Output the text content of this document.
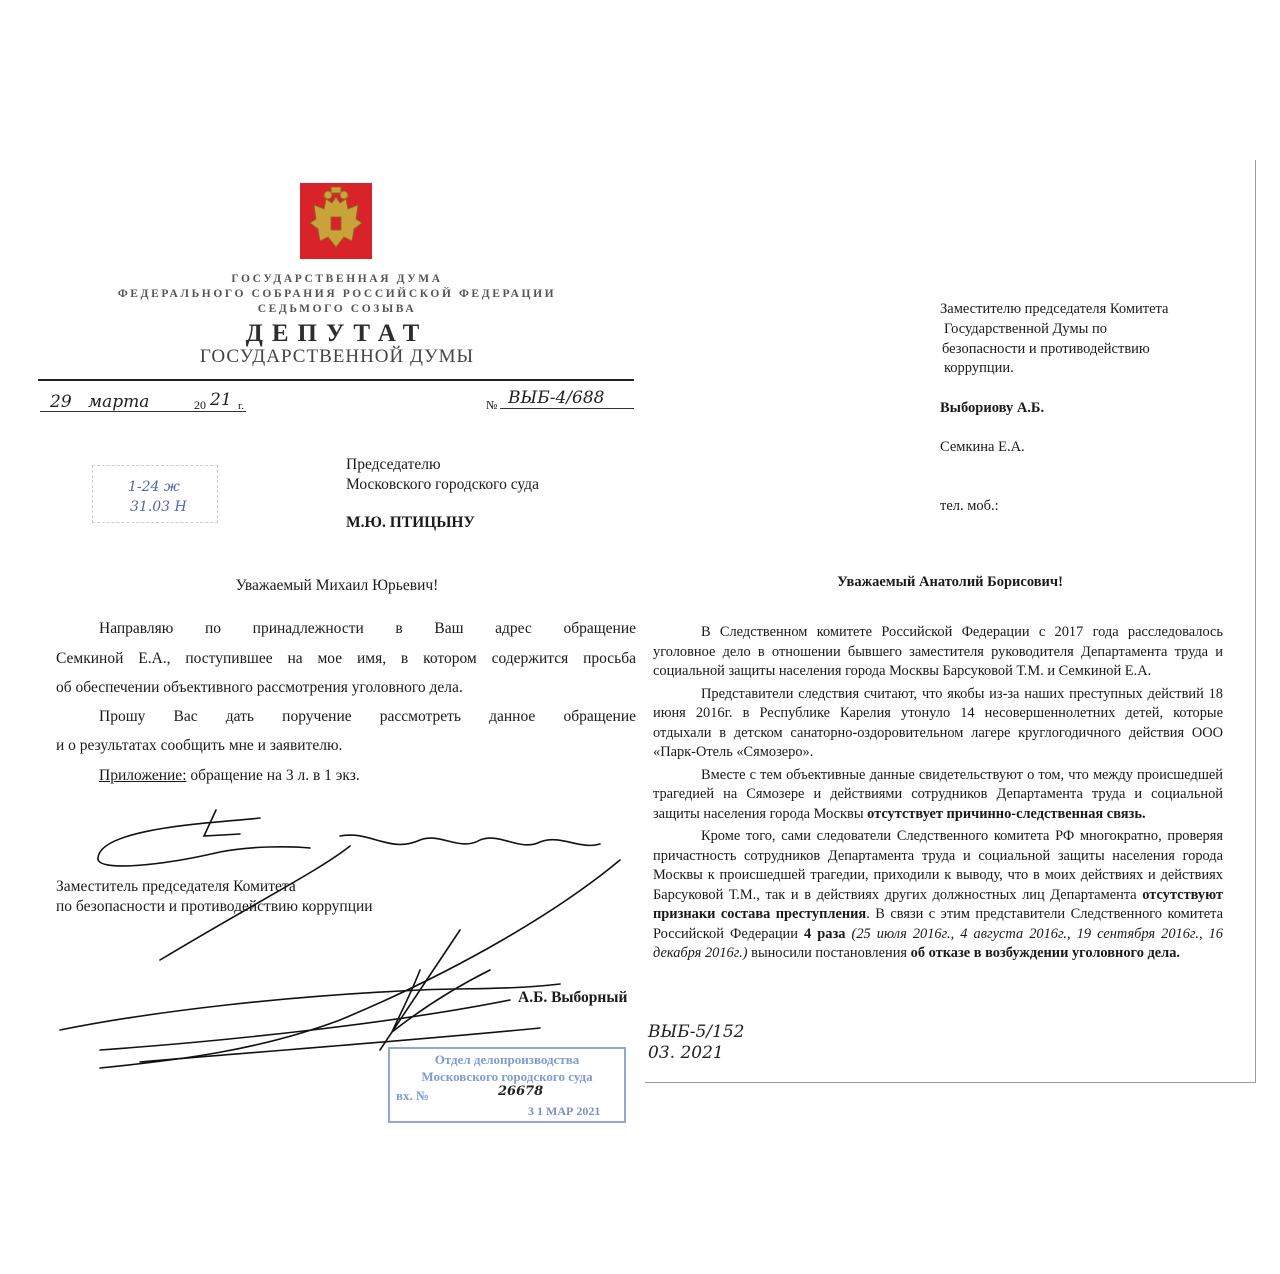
Заместителю председателя Комитета
Государственной Думы по
безопасности и противодействию
коррупции.
Выбориову А.Б.
Семкина Е.А.
тел. моб.:
Уважаемый Анатолий Борисович!

В Следственном комитете Российской Федерации с 2017 года расследовалось уголовное дело в отношении бывшего заместителя руководителя Департамента труда и социальной защиты населения города Москвы Барсуковой Т.М. и Семкиной Е.А.

Представители следствия считают, что якобы из-за наших преступных действий 18 июня 2016г. в Республике Карелия утонуло 14 несовершеннолетних детей, которые отдыхали в детском санаторно-оздоровительном лагере круглогодичного действия ООО «Парк-Отель «Сямозеро».

Вместе с тем объективные данные свидетельствуют о том, что между происшедшей трагедией на Сямозере и действиями сотрудников Департамента труда и социальной защиты населения города Москвы отсутствует причинно-следственная связь.

Кроме того, сами следователи Следственного комитета РФ многократно, проверяя причастность сотрудников Департамента труда и социальной защиты населения города Москвы к происшедшей трагедии, приходили к выводу, что в моих действиях и действиях Барсуковой Т.М., так и в действиях других должностных лиц Департамента отсутствуют признаки состава преступления. В связи с этим представители Следственного комитета Российской Федерации 4 раза (25 июля 2016г., 4 августа 2016г., 19 сентября 2016г., 16 декабря 2016г.) выносили постановления об отказе в возбуждении уголовного дела.

ВЫБ-5/152
03. 2021
ГОСУДАРСТВЕННАЯ ДУМА
ФЕДЕРАЛЬНОГО СОБРАНИЯ РОССИЙСКОЙ ФЕДЕРАЦИИ
СЕДЬМОГО СОЗЫВА
ДЕПУТАТ
ГОСУДАРСТВЕННОЙ ДУМЫ
29 марта	20 21 г.	№ ВЫБ-4/688
1-24 ж
31.03 Н
Председателю
Московского городского суда
М.Ю. ПТИЦЫНУ
Уважаемый Михаил Юрьевич!
Направляю по принадлежности в Ваш адрес обращение
Семкиной Е.А., поступившее на мое имя, в котором содержится просьба
об обеспечении объективного рассмотрения уголовного дела.
Прошу Вас дать поручение рассмотреть данное обращение
и о результатах сообщить мне и заявителю.
Приложение: обращение на 3 л. в 1 экз.
Заместитель председателя Комитета
по безопасности и противодействию коррупции
А.Б. Выборный
Отдел делопроизводства
Московского городского суда
вх. №	26678
3 1 МАР 2021
